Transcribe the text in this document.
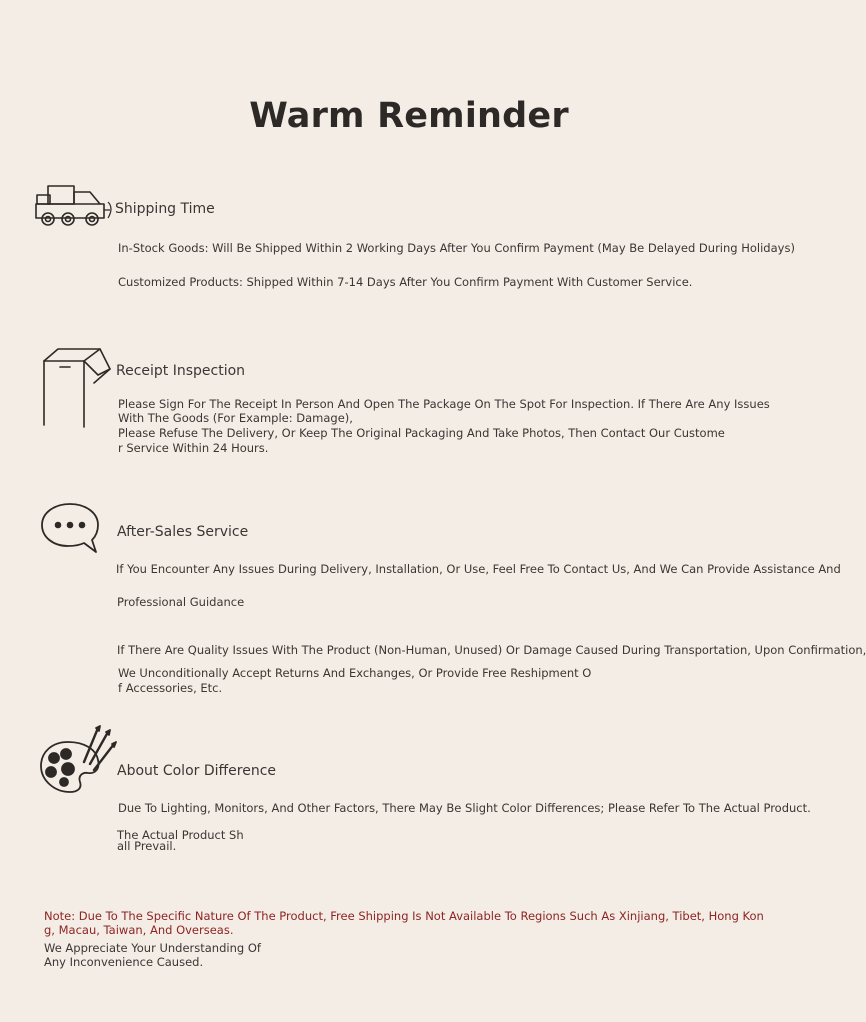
Warm Reminder
Shipping Time
In-Stock Goods: Will Be Shipped Within 2 Working Days After You Confirm Payment (May Be Delayed During Holidays)
Customized Products: Shipped Within 7-14 Days After You Confirm Payment With Customer Service.
Receipt Inspection
Please Sign For The Receipt In Person And Open The Package On The Spot For Inspection. If There Are Any Issues
With The Goods (For Example: Damage),
Please Refuse The Delivery, Or Keep The Original Packaging And Take Photos, Then Contact Our Custome
r Service Within 24 Hours.
After-Sales Service
If You Encounter Any Issues During Delivery, Installation, Or Use, Feel Free To Contact Us, And We Can Provide Assistance And
Professional Guidance
If There Are Quality Issues With The Product (Non-Human, Unused) Or Damage Caused During Transportation, Upon Confirmation,
We Unconditionally Accept Returns And Exchanges, Or Provide Free Reshipment O
f Accessories, Etc.
About Color Difference
Due To Lighting, Monitors, And Other Factors, There May Be Slight Color Differences; Please Refer To The Actual Product.
The Actual Product Sh
all Prevail.
Note: Due To The Specific Nature Of The Product, Free Shipping Is Not Available To Regions Such As Xinjiang, Tibet, Hong Kon
g, Macau, Taiwan, And Overseas.
We Appreciate Your Understanding Of
Any Inconvenience Caused.
